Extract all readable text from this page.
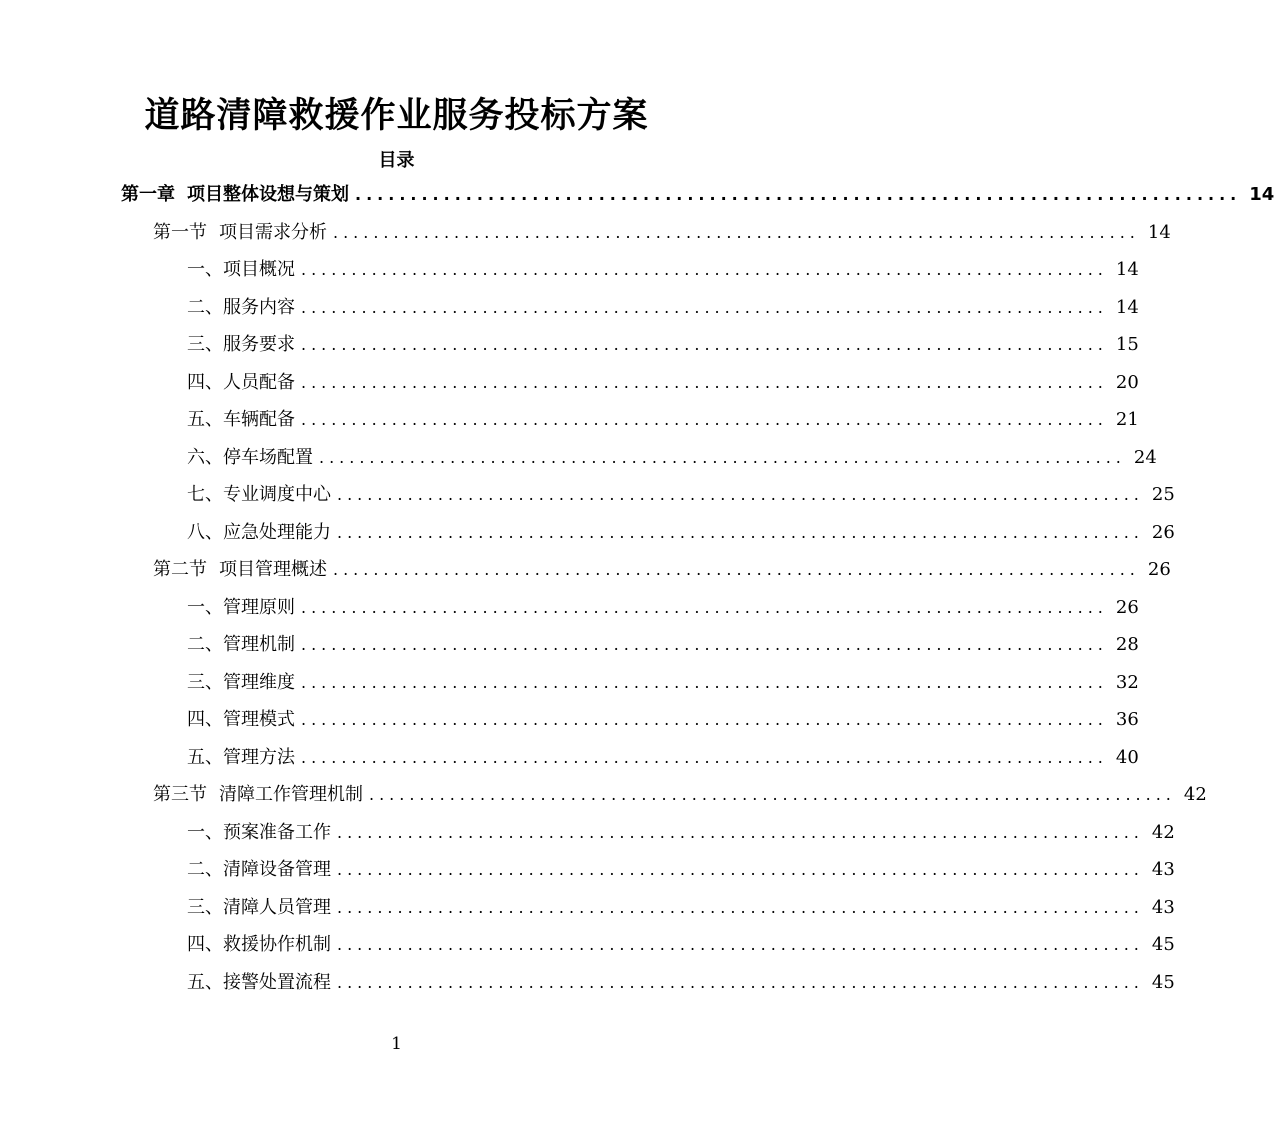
道路清障救援作业服务投标方案
目录
第一章 项目整体设想与策划 ................................................................................ 14
第一节 项目需求分析 ................................................................................ 14
一、项目概况 ................................................................................ 14
二、服务内容 ................................................................................ 14
三、服务要求 ................................................................................ 15
四、人员配备 ................................................................................ 20
五、车辆配备 ................................................................................ 21
六、停车场配置 ................................................................................ 24
七、专业调度中心 ................................................................................ 25
八、应急处理能力 ................................................................................ 26
第二节 项目管理概述 ................................................................................ 26
一、管理原则 ................................................................................ 26
二、管理机制 ................................................................................ 28
三、管理维度 ................................................................................ 32
四、管理模式 ................................................................................ 36
五、管理方法 ................................................................................ 40
第三节 清障工作管理机制 ................................................................................ 42
一、预案准备工作 ................................................................................ 42
二、清障设备管理 ................................................................................ 43
三、清障人员管理 ................................................................................ 43
四、救援协作机制 ................................................................................ 45
五、接警处置流程 ................................................................................ 45
1
